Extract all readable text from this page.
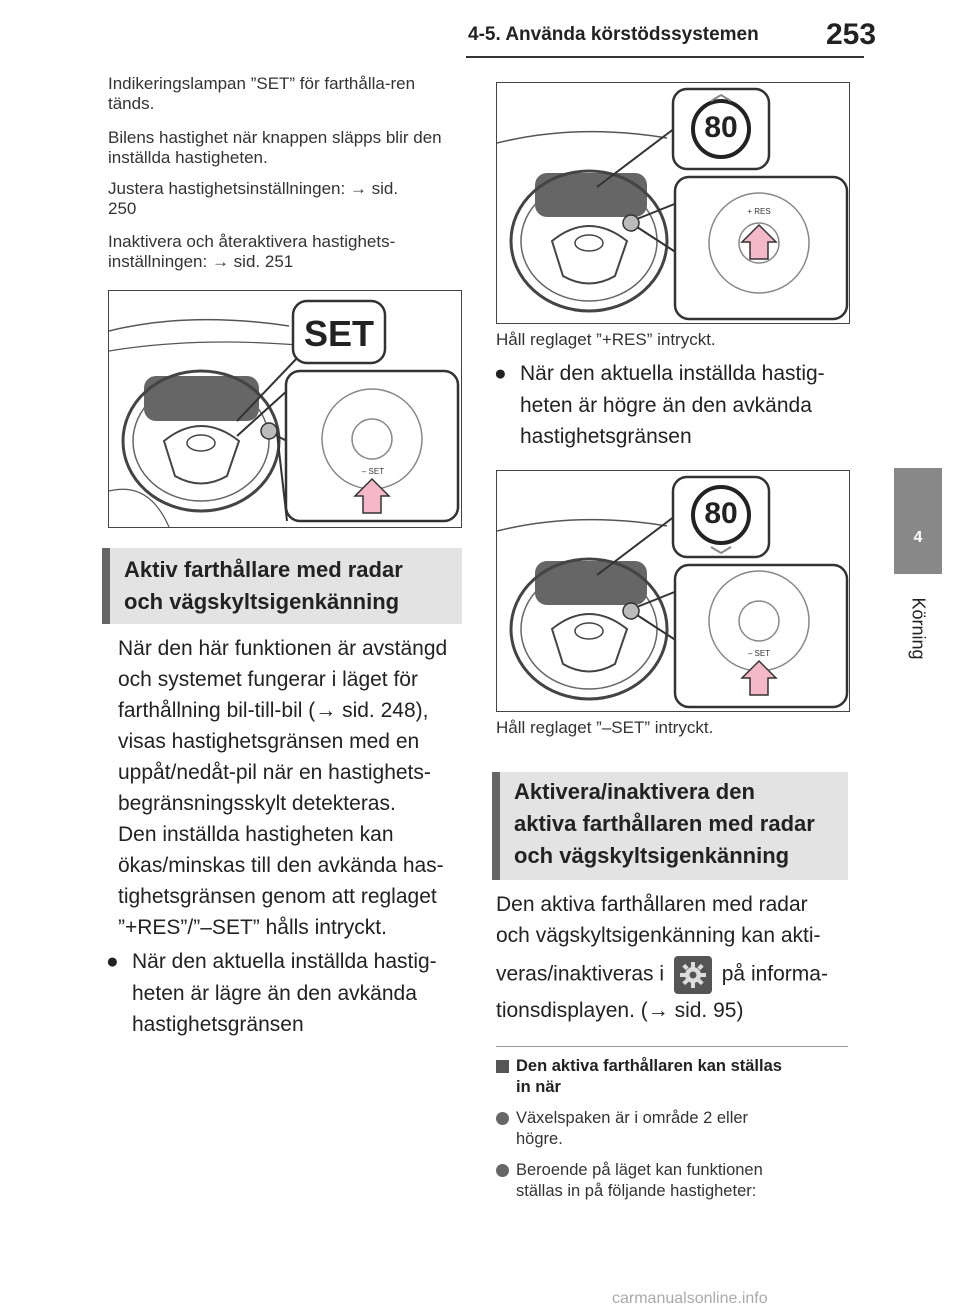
4-5. Använda körstödssystemen 253
4
Körning
Indikeringslampan ”SET” för farthålla-ren tänds.
Bilens hastighet när knappen släpps blir den inställda hastigheten.
Justera hastighetsinställningen: → sid. 250
Inaktivera och återaktivera hastighets-inställningen: → sid. 251
SET
– SET
Aktiv farthållare med radar
och vägskyltsigenkänning
När den här funktionen är avstängd
och systemet fungerar i läget för
farthållning bil-till-bil (→ sid. 248),
visas hastighetsgränsen med en
uppåt/nedåt-pil när en hastighets-
begränsningsskylt detekteras.
Den inställda hastigheten kan
ökas/minskas till den avkända has-
tighetsgränsen genom att reglaget
”+RES”/”–SET” hålls intryckt.
● När den aktuella inställda hastig-
heten är lägre än den avkända
hastighetsgränsen
80
+ RES
Håll reglaget ”+RES” intryckt.
● När den aktuella inställda hastig-
heten är högre än den avkända
hastighetsgränsen
80
– SET
Håll reglaget ”–SET” intryckt.
Aktivera/inaktivera den
aktiva farthållaren med radar
och vägskyltsigenkänning
Den aktiva farthållaren med radar
och vägskyltsigenkänning kan akti-
veras/inaktiveras i	på informa-
tionsdisplayen. (→ sid. 95)
Den aktiva farthållaren kan ställas
in när
Växelspaken är i område 2 eller
högre.
Beroende på läget kan funktionen
ställas in på följande hastigheter:
carmanualsonline.info
